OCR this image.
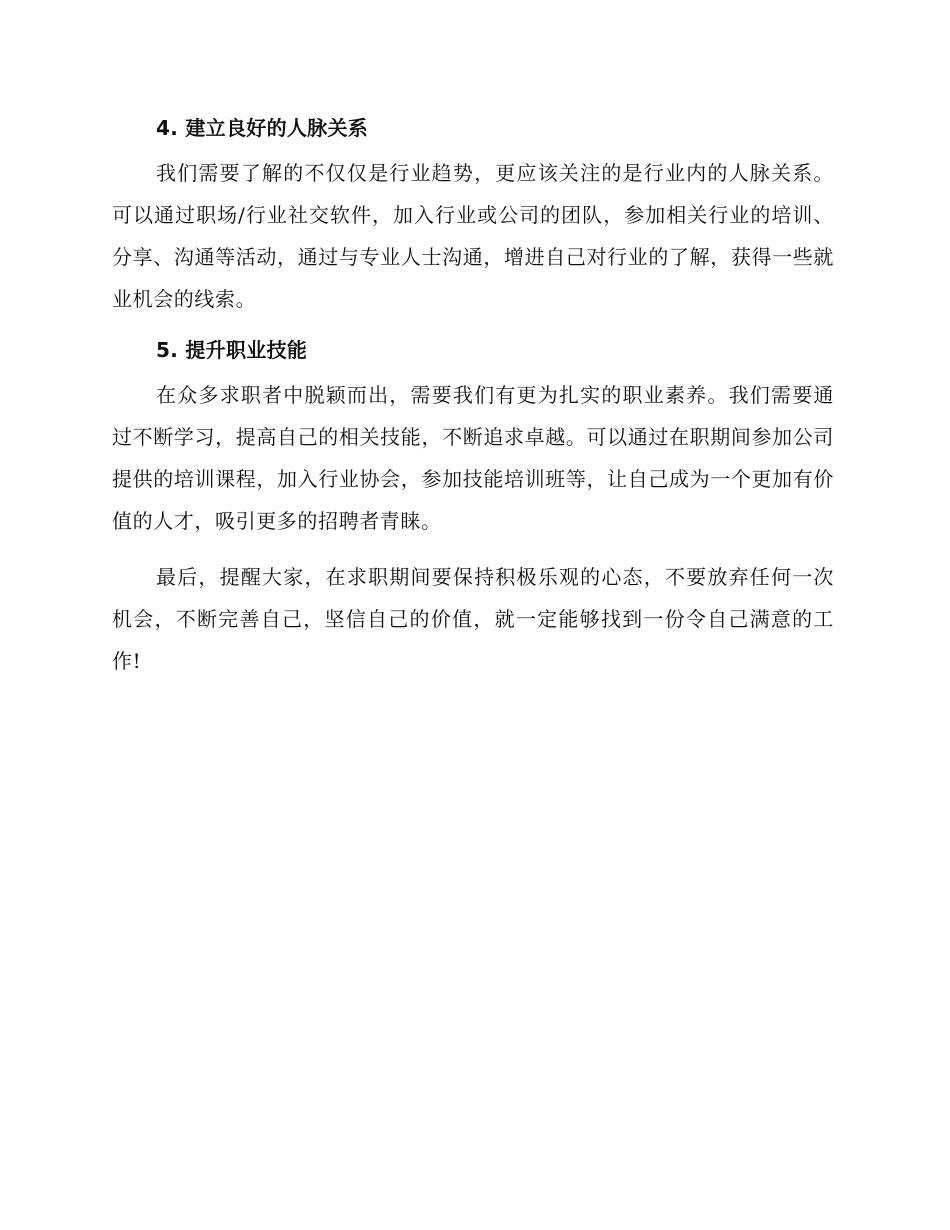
4. 建立良好的人脉关系

我们需要了解的不仅仅是行业趋势，更应该关注的是行业内的人脉关系。可以通过职场/行业社交软件，加入行业或公司的团队，参加相关行业的培训、分享、沟通等活动，通过与专业人士沟通，增进自己对行业的了解，获得一些就业机会的线索。

5. 提升职业技能

在众多求职者中脱颖而出，需要我们有更为扎实的职业素养。我们需要通过不断学习，提高自己的相关技能，不断追求卓越。可以通过在职期间参加公司提供的培训课程，加入行业协会，参加技能培训班等，让自己成为一个更加有价值的人才，吸引更多的招聘者青睐。

最后，提醒大家，在求职期间要保持积极乐观的心态，不要放弃任何一次机会，不断完善自己，坚信自己的价值，就一定能够找到一份令自己满意的工作!
